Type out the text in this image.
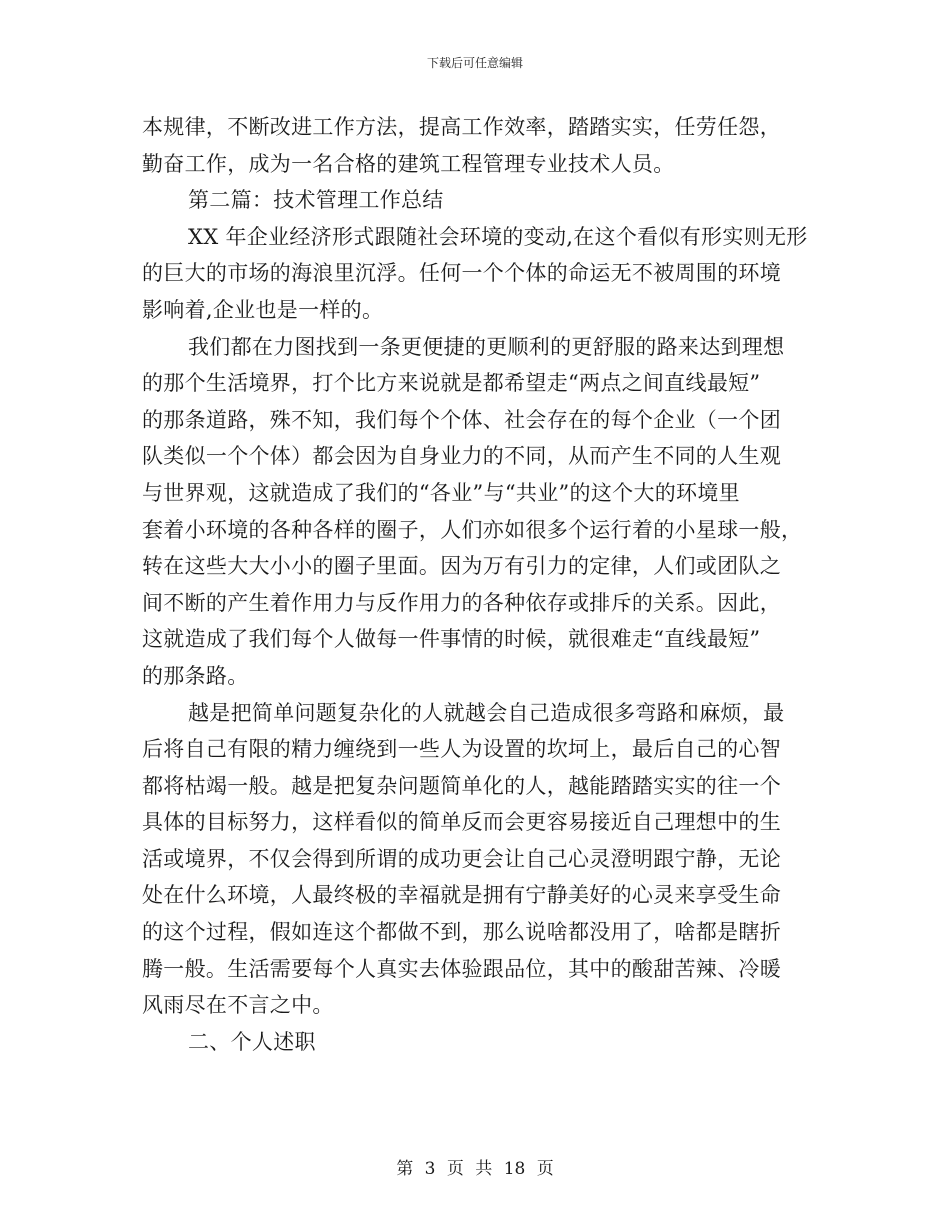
下载后可任意编辑
本规律，不断改进工作方法，提高工作效率，踏踏实实，任劳任怨，
勤奋工作，成为一名合格的建筑工程管理专业技术人员。
第二篇：技术管理工作总结
XX 年企业经济形式跟随社会环境的变动,在这个看似有形实则无形
的巨大的市场的海浪里沉浮。任何一个个体的命运无不被周围的环境
影响着,企业也是一样的。
我们都在力图找到一条更便捷的更顺利的更舒服的路来达到理想
的那个生活境界，打个比方来说就是都希望走“两点之间直线最短”
的那条道路，殊不知，我们每个个体、社会存在的每个企业（一个团
队类似一个个体）都会因为自身业力的不同，从而产生不同的人生观
与世界观，这就造成了我们的“各业”与“共业”的这个大的环境里
套着小环境的各种各样的圈子，人们亦如很多个运行着的小星球一般，
转在这些大大小小的圈子里面。因为万有引力的定律，人们或团队之
间不断的产生着作用力与反作用力的各种依存或排斥的关系。因此，
这就造成了我们每个人做每一件事情的时候，就很难走“直线最短”
的那条路。
越是把简单问题复杂化的人就越会自己造成很多弯路和麻烦，最
后将自己有限的精力缠绕到一些人为设置的坎坷上，最后自己的心智
都将枯竭一般。越是把复杂问题简单化的人，越能踏踏实实的往一个
具体的目标努力，这样看似的简单反而会更容易接近自己理想中的生
活或境界，不仅会得到所谓的成功更会让自己心灵澄明跟宁静，无论
处在什么环境，人最终极的幸福就是拥有宁静美好的心灵来享受生命
的这个过程，假如连这个都做不到，那么说啥都没用了，啥都是瞎折
腾一般。生活需要每个人真实去体验跟品位，其中的酸甜苦辣、冷暖
风雨尽在不言之中。
二、个人述职
第 3 页 共 18 页
